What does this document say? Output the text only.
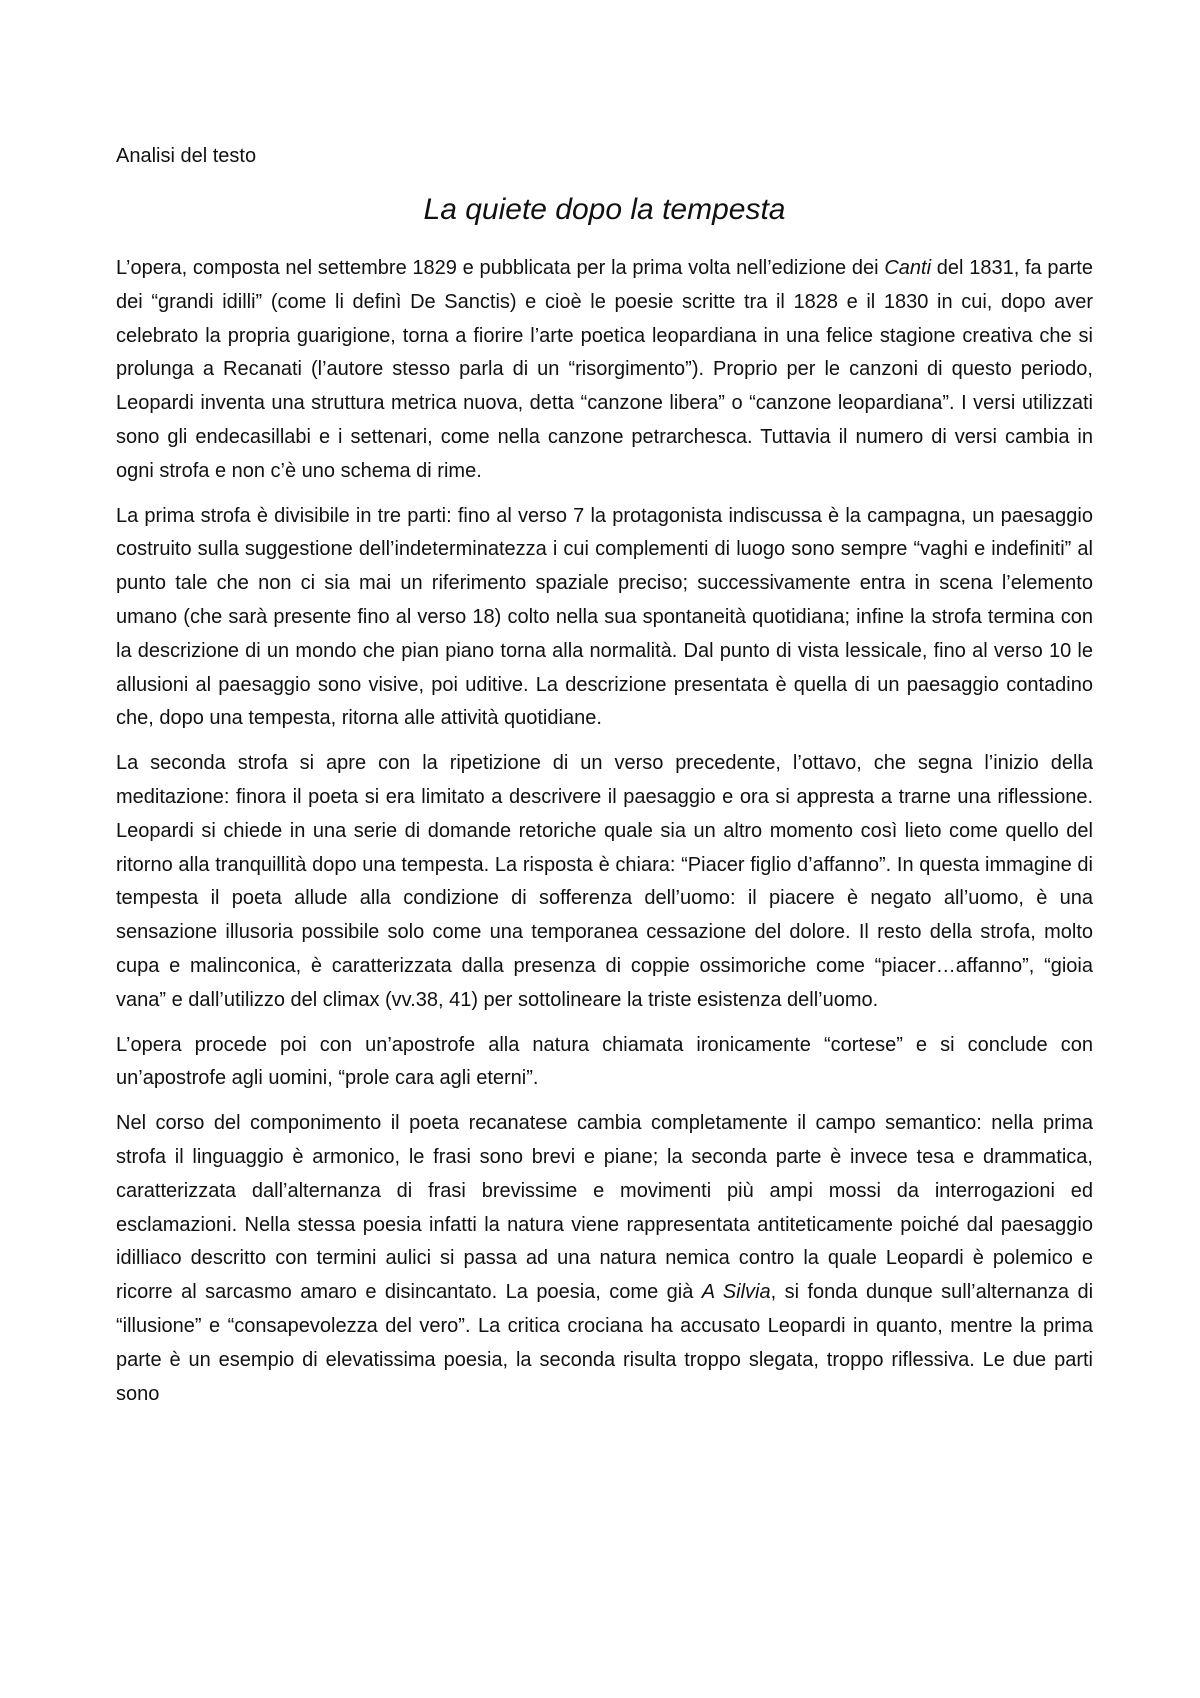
Analisi del testo
La quiete dopo la tempesta

L’opera, composta nel settembre 1829 e pubblicata per la prima volta nell’edizione dei Canti del 1831, fa parte dei “grandi idilli” (come li definì De Sanctis) e cioè le poesie scritte tra il 1828 e il 1830 in cui, dopo aver celebrato la propria guarigione, torna a fiorire l’arte poetica leopardiana in una felice stagione creativa che si prolunga a Recanati (l’autore stesso parla di un “risorgimento”). Proprio per le canzoni di questo periodo, Leopardi inventa una struttura metrica nuova, detta “canzone libera” o “canzone leopardiana”. I versi utilizzati sono gli endecasillabi e i settenari, come nella canzone petrarchesca. Tuttavia il numero di versi cambia in ogni strofa e non c’è uno schema di rime.

La prima strofa è divisibile in tre parti: fino al verso 7 la protagonista indiscussa è la campagna, un paesaggio costruito sulla suggestione dell’indeterminatezza i cui complementi di luogo sono sempre “vaghi e indefiniti” al punto tale che non ci sia mai un riferimento spaziale preciso; successivamente entra in scena l’elemento umano (che sarà presente fino al verso 18) colto nella sua spontaneità quotidiana; infine la strofa termina con la descrizione di un mondo che pian piano torna alla normalità. Dal punto di vista lessicale, fino al verso 10 le allusioni al paesaggio sono visive, poi uditive. La descrizione presentata è quella di un paesaggio contadino che, dopo una tempesta, ritorna alle attività quotidiane.

La seconda strofa si apre con la ripetizione di un verso precedente, l’ottavo, che segna l’inizio della meditazione: finora il poeta si era limitato a descrivere il paesaggio e ora si appresta a trarne una riflessione. Leopardi si chiede in una serie di domande retoriche quale sia un altro momento così lieto come quello del ritorno alla tranquillità dopo una tempesta. La risposta è chiara: “Piacer figlio d’affanno”. In questa immagine di tempesta il poeta allude alla condizione di sofferenza dell’uomo: il piacere è negato all’uomo, è una sensazione illusoria possibile solo come una temporanea cessazione del dolore. Il resto della strofa, molto cupa e malinconica, è caratterizzata dalla presenza di coppie ossimoriche come “piacer…affanno”, “gioia vana” e dall’utilizzo del climax (vv.38, 41) per sottolineare la triste esistenza dell’uomo.

L’opera procede poi con un’apostrofe alla natura chiamata ironicamente “cortese” e si conclude con un’apostrofe agli uomini, “prole cara agli eterni”.

Nel corso del componimento il poeta recanatese cambia completamente il campo semantico: nella prima strofa il linguaggio è armonico, le frasi sono brevi e piane; la seconda parte è invece tesa e drammatica, caratterizzata dall’alternanza di frasi brevissime e movimenti più ampi mossi da interrogazioni ed esclamazioni. Nella stessa poesia infatti la natura viene rappresentata antiteticamente poiché dal paesaggio idilliaco descritto con termini aulici si passa ad una natura nemica contro la quale Leopardi è polemico e ricorre al sarcasmo amaro e disincantato. La poesia, come già A Silvia, si fonda dunque sull’alternanza di “illusione” e “consapevolezza del vero”. La critica crociana ha accusato Leopardi in quanto, mentre la prima parte è un esempio di elevatissima poesia, la seconda risulta troppo slegata, troppo riflessiva. Le due parti sono
